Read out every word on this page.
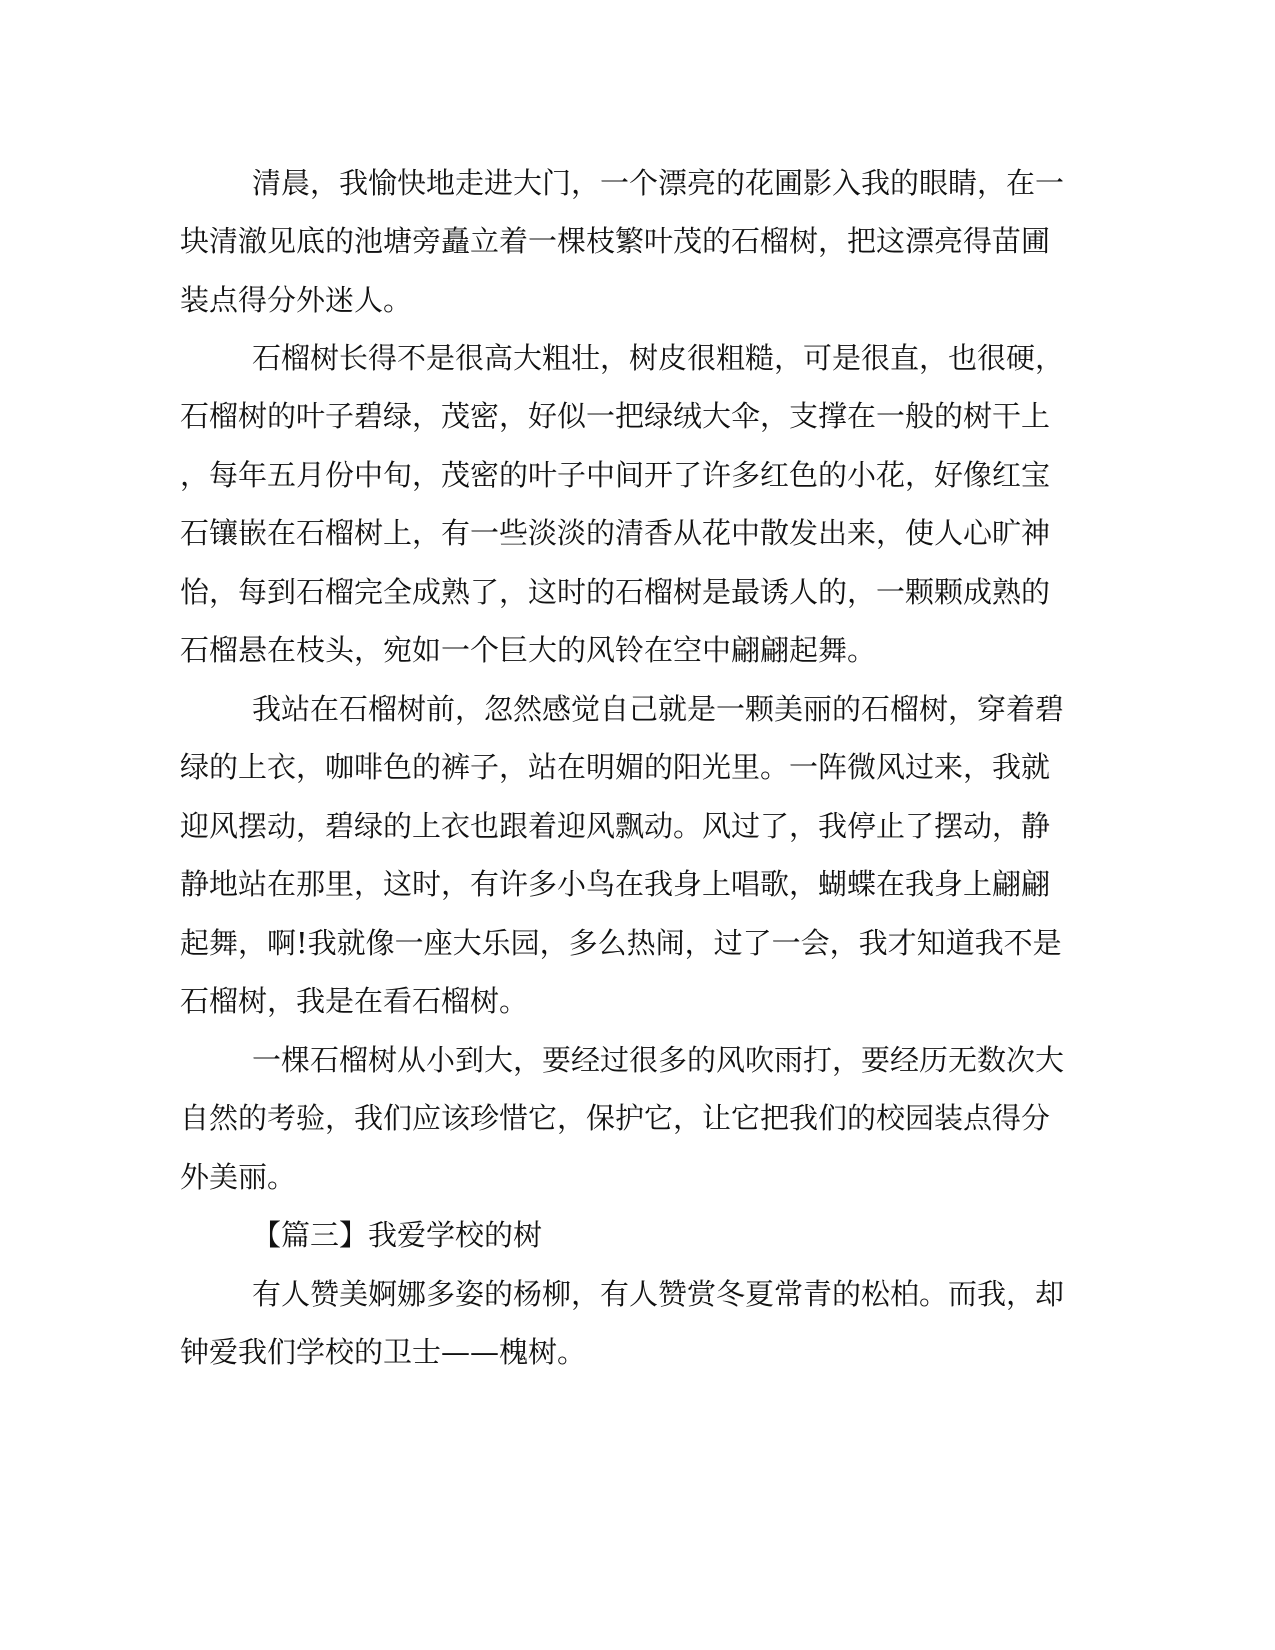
清晨，我愉快地走进大门，一个漂亮的花圃影入我的眼睛，在一

块清澈见底的池塘旁矗立着一棵枝繁叶茂的石榴树，把这漂亮得苗圃

装点得分外迷人。

石榴树长得不是很高大粗壮，树皮很粗糙，可是很直，也很硬，

石榴树的叶子碧绿，茂密，好似一把绿绒大伞，支撑在一般的树干上

，每年五月份中旬，茂密的叶子中间开了许多红色的小花，好像红宝

石镶嵌在石榴树上，有一些淡淡的清香从花中散发出来，使人心旷神

怡，每到石榴完全成熟了，这时的石榴树是最诱人的，一颗颗成熟的

石榴悬在枝头，宛如一个巨大的风铃在空中翩翩起舞。

我站在石榴树前，忽然感觉自己就是一颗美丽的石榴树，穿着碧

绿的上衣，咖啡色的裤子，站在明媚的阳光里。一阵微风过来，我就

迎风摆动，碧绿的上衣也跟着迎风飘动。风过了，我停止了摆动，静

静地站在那里，这时，有许多小鸟在我身上唱歌，蝴蝶在我身上翩翩

起舞，啊!我就像一座大乐园，多么热闹，过了一会，我才知道我不是

石榴树，我是在看石榴树。

一棵石榴树从小到大，要经过很多的风吹雨打，要经历无数次大

自然的考验，我们应该珍惜它，保护它，让它把我们的校园装点得分

外美丽。

【篇三】我爱学校的树

有人赞美婀娜多姿的杨柳，有人赞赏冬夏常青的松柏。而我，却

钟爱我们学校的卫士——槐树。
